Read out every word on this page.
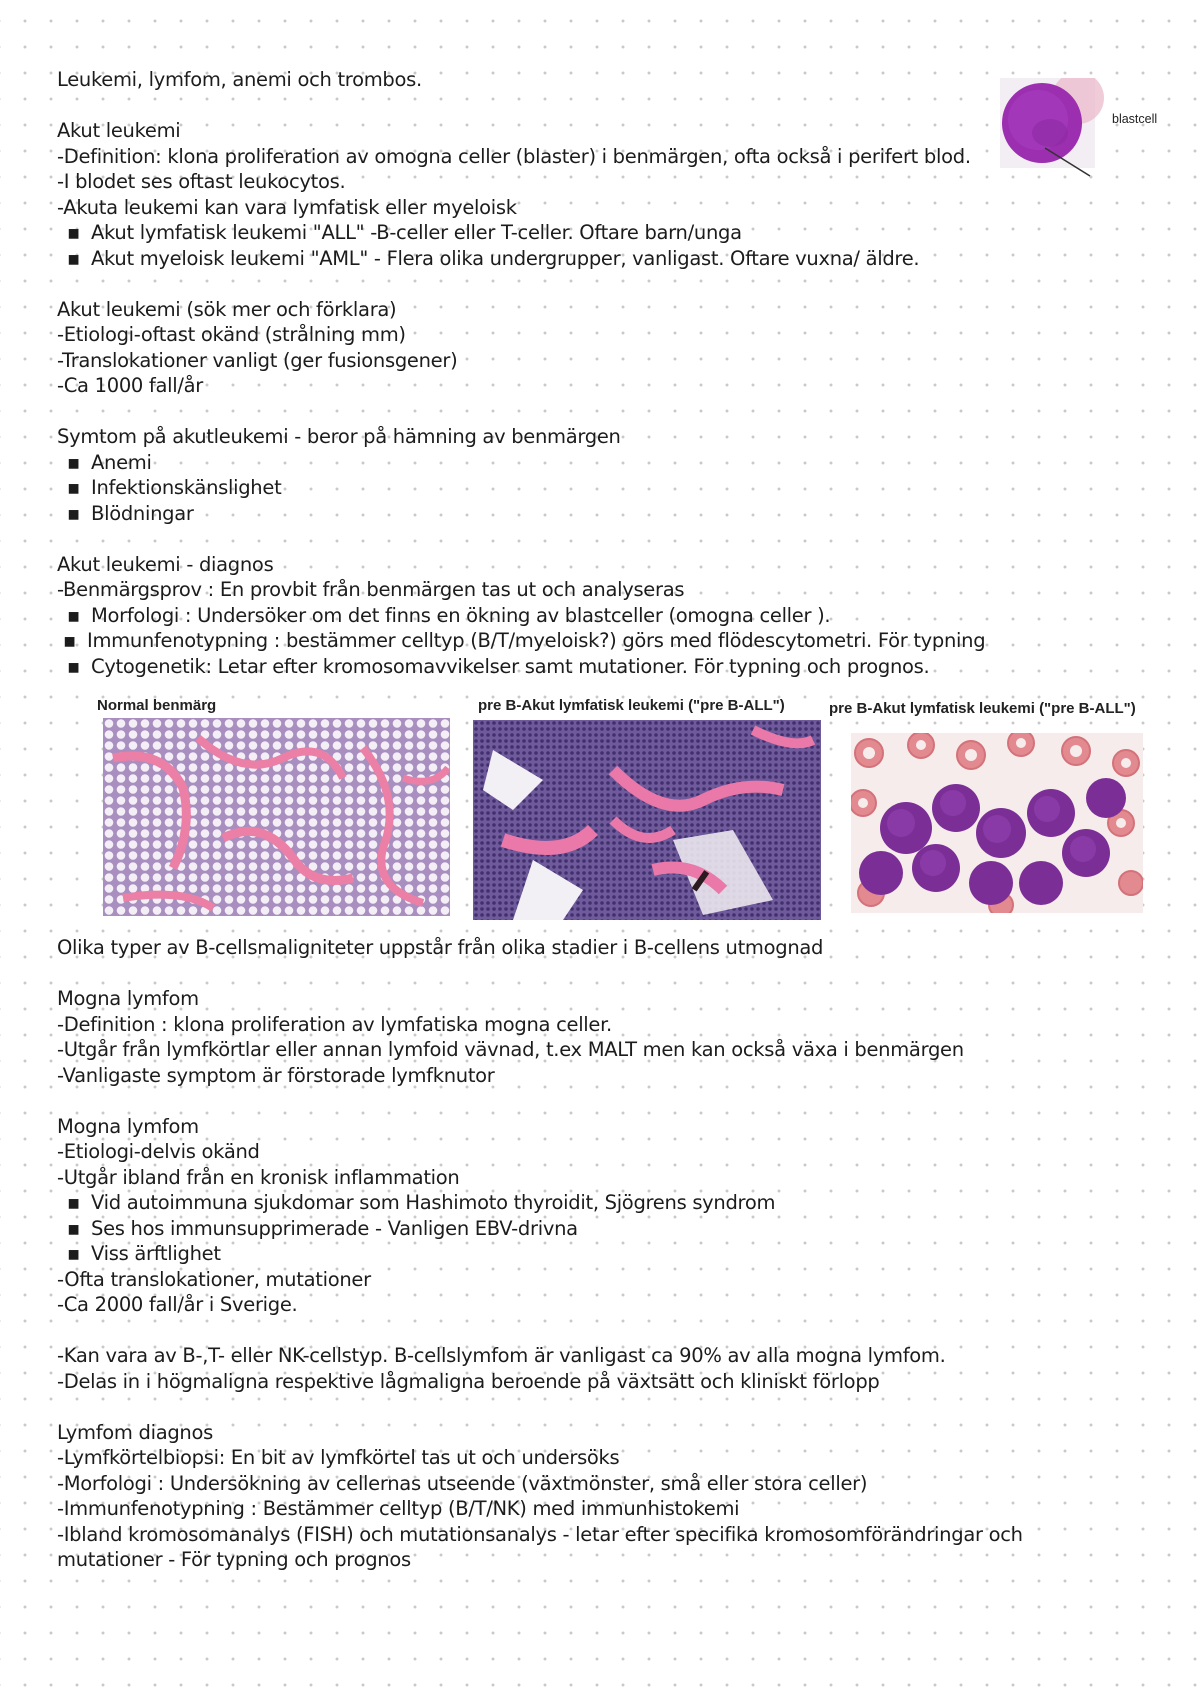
blastcell
Leukemi, lymfom, anemi och trombos.
Akut leukemi
-Definition: klona proliferation av omogna celler (blaster) i benmärgen, ofta också i perifert blod.
-I blodet ses oftast leukocytos.
-Akuta leukemi kan vara lymfatisk eller myeloisk
▪ Akut lymfatisk leukemi "ALL" -B-celler eller T-celler. Oftare barn/unga
▪ Akut myeloisk leukemi "AML" - Flera olika undergrupper, vanligast. Oftare vuxna/ äldre.
Akut leukemi (sök mer och förklara)
-Etiologi-oftast okänd (strålning mm)
-Translokationer vanligt (ger fusionsgener)
-Ca 1000 fall/år
Symtom på akutleukemi - beror på hämning av benmärgen
▪ Anemi
▪ Infektionskänslighet
▪ Blödningar
Akut leukemi - diagnos
-Benmärgsprov : En provbit från benmärgen tas ut och analyseras
▪ Morfologi : Undersöker om det finns en ökning av blastceller (omogna celler ).
▪ Immunfenotypning : bestämmer celltyp (B/T/myeloisk?) görs med flödescytometri. För typning
▪ Cytogenetik: Letar efter kromosomavvikelser samt mutationer. För typning och prognos.
Normal benmärg	pre B-Akut lymfatisk leukemi ("pre B-ALL")	pre B-Akut lymfatisk leukemi ("pre B-ALL")
Olika typer av B-cellsmaligniteter uppstår från olika stadier i B-cellens utmognad
Mogna lymfom
-Definition : klona proliferation av lymfatiska mogna celler.
-Utgår från lymfkörtlar eller annan lymfoid vävnad, t.ex MALT men kan också växa i benmärgen
-Vanligaste symptom är förstorade lymfknutor
Mogna lymfom
-Etiologi-delvis okänd
-Utgår ibland från en kronisk inflammation
▪ Vid autoimmuna sjukdomar som Hashimoto thyroidit, Sjögrens syndrom
▪ Ses hos immunsupprimerade - Vanligen EBV-drivna
▪ Viss ärftlighet
-Ofta translokationer, mutationer
-Ca 2000 fall/år i Sverige.
-Kan vara av B-,T- eller NK-cellstyp. B-cellslymfom är vanligast ca 90% av alla mogna lymfom.
-Delas in i högmaligna respektive lågmaligna beroende på växtsätt och kliniskt förlopp
Lymfom diagnos
-Lymfkörtelbiopsi: En bit av lymfkörtel tas ut och undersöks
-Morfologi : Undersökning av cellernas utseende (växtmönster, små eller stora celler)
-Immunfenotypning : Bestämmer celltyp (B/T/NK) med immunhistokemi
-Ibland kromosomanalys (FISH) och mutationsanalys - letar efter specifika kromosomförändringar och mutationer - För typning och prognos
